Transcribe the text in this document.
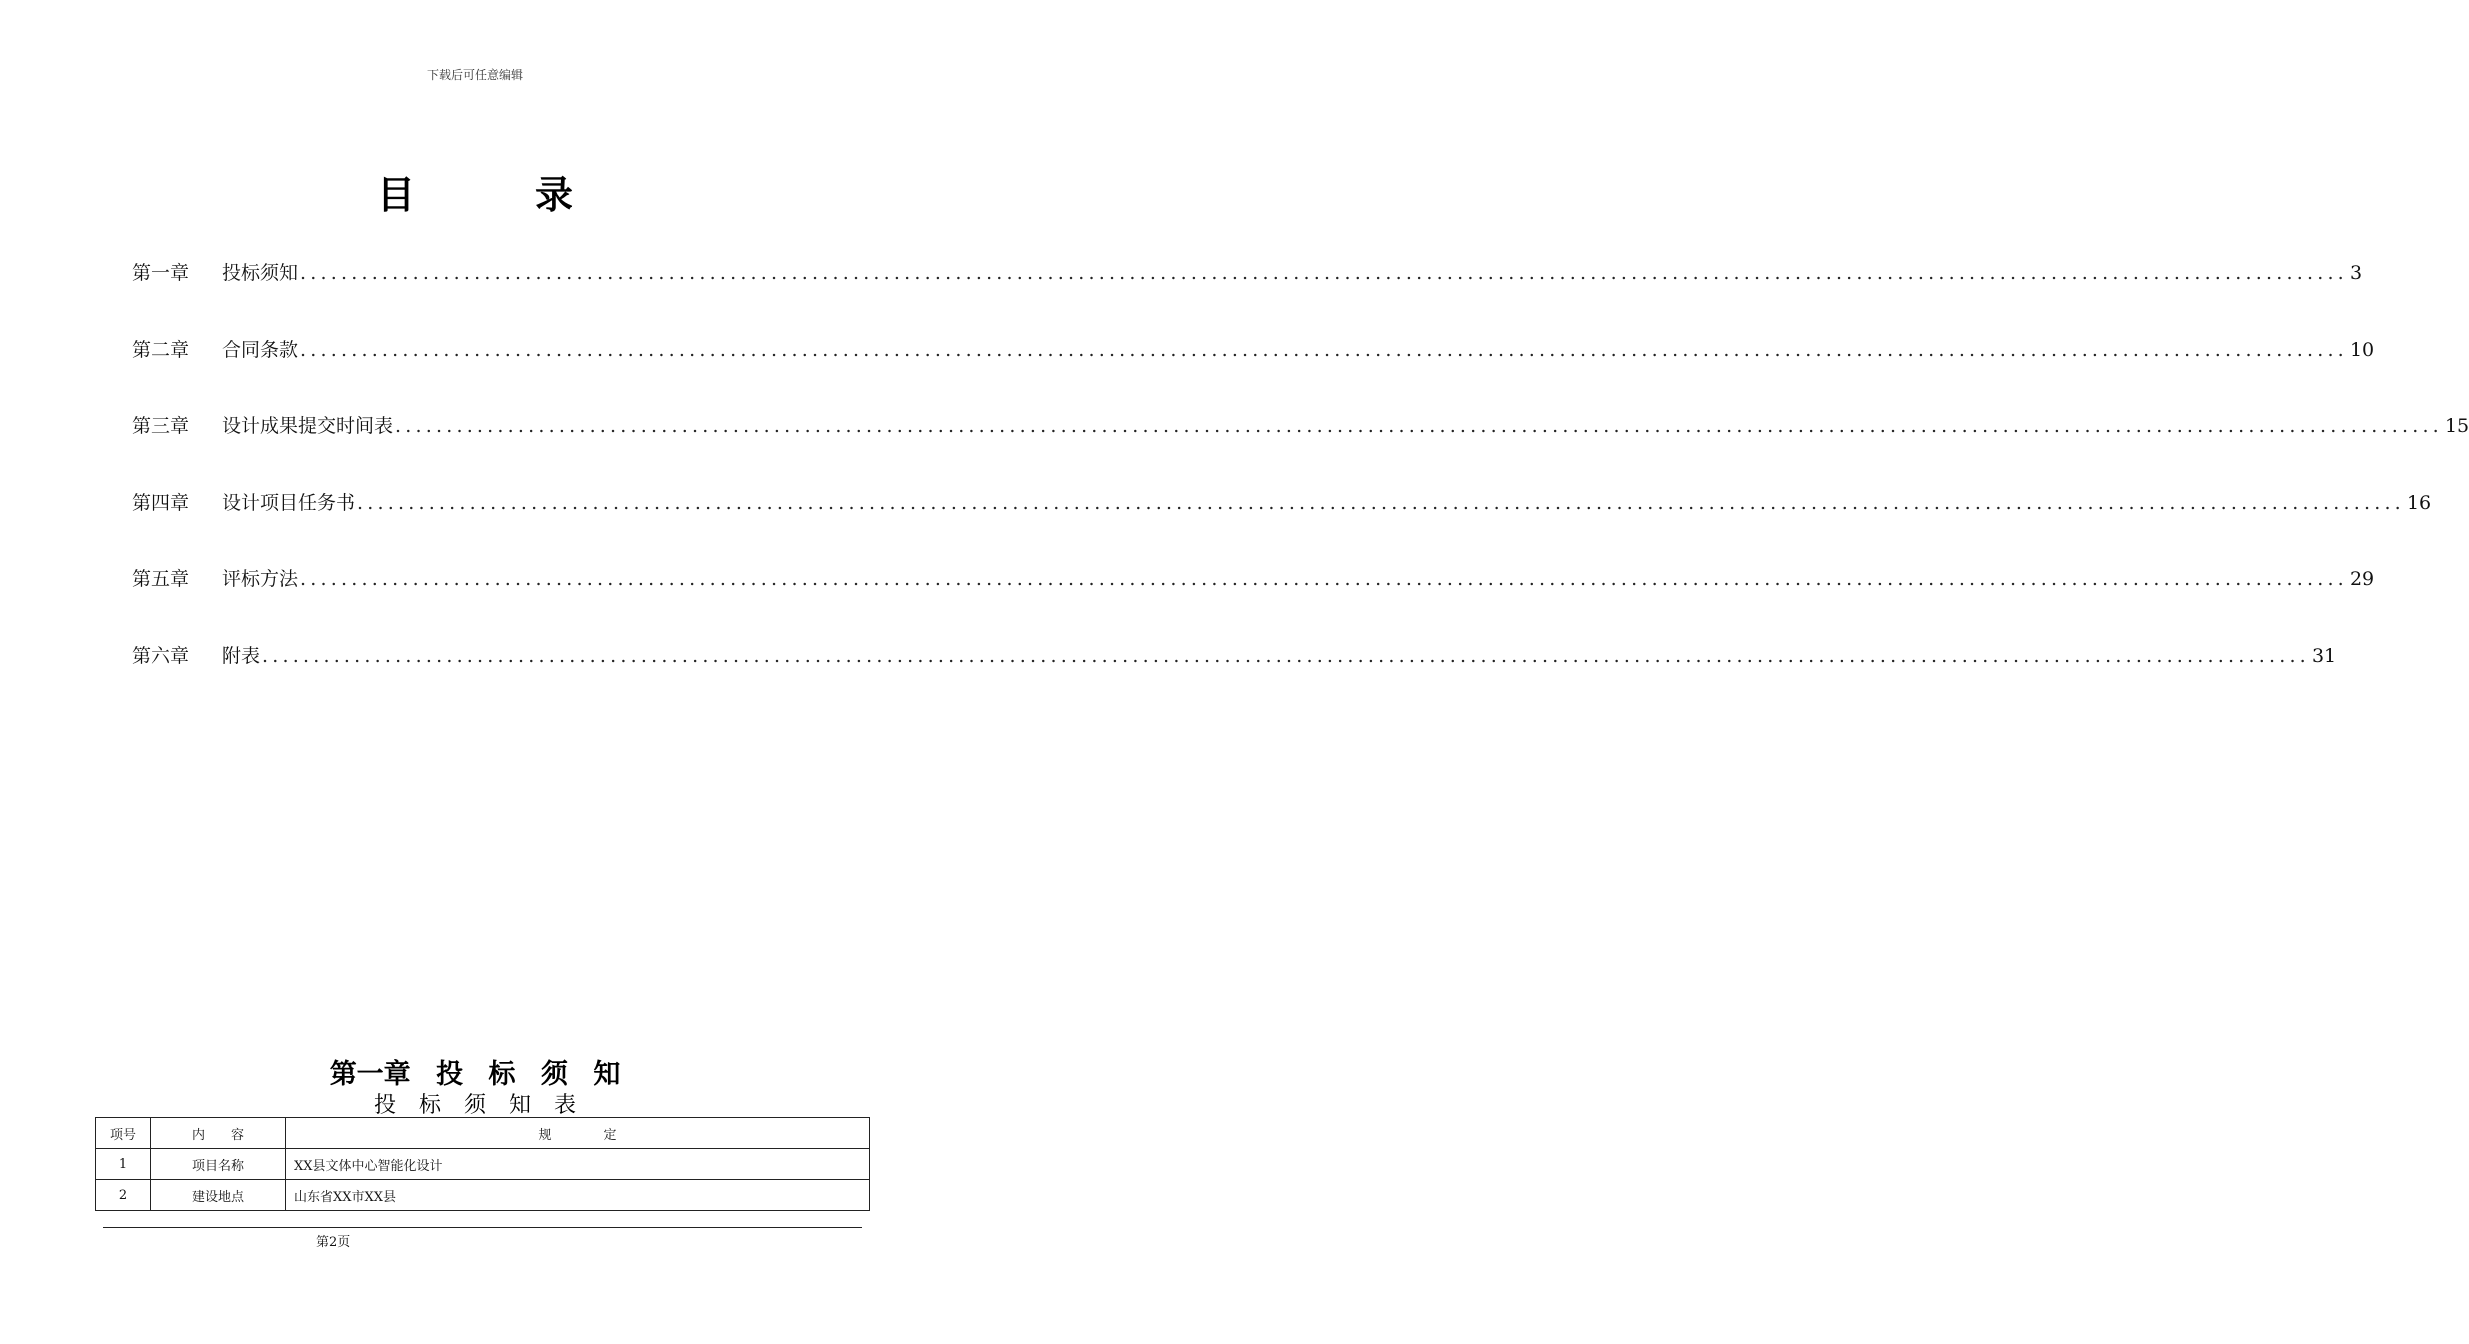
下载后可任意编辑
目	录
第一章	投标须知 ........................................................................................................................................................................................................ 3
第二章	合同条款 ........................................................................................................................................................................................................ 10
第三章	设计成果提交时间表 ........................................................................................................................................................................................................ 15
第四章	设计项目任务书 ........................................................................................................................................................................................................ 16
第五章	评标方法 ........................................................................................................................................................................................................ 29
第六章	附表 ........................................................................................................................................................................................................ 31
第一章 投 标 须 知
投 标 须 知 表
项号	内　　容	规　　　　定
1	项目名称	XX县文体中心智能化设计
2	建设地点	山东省XX市XX县
第2页
